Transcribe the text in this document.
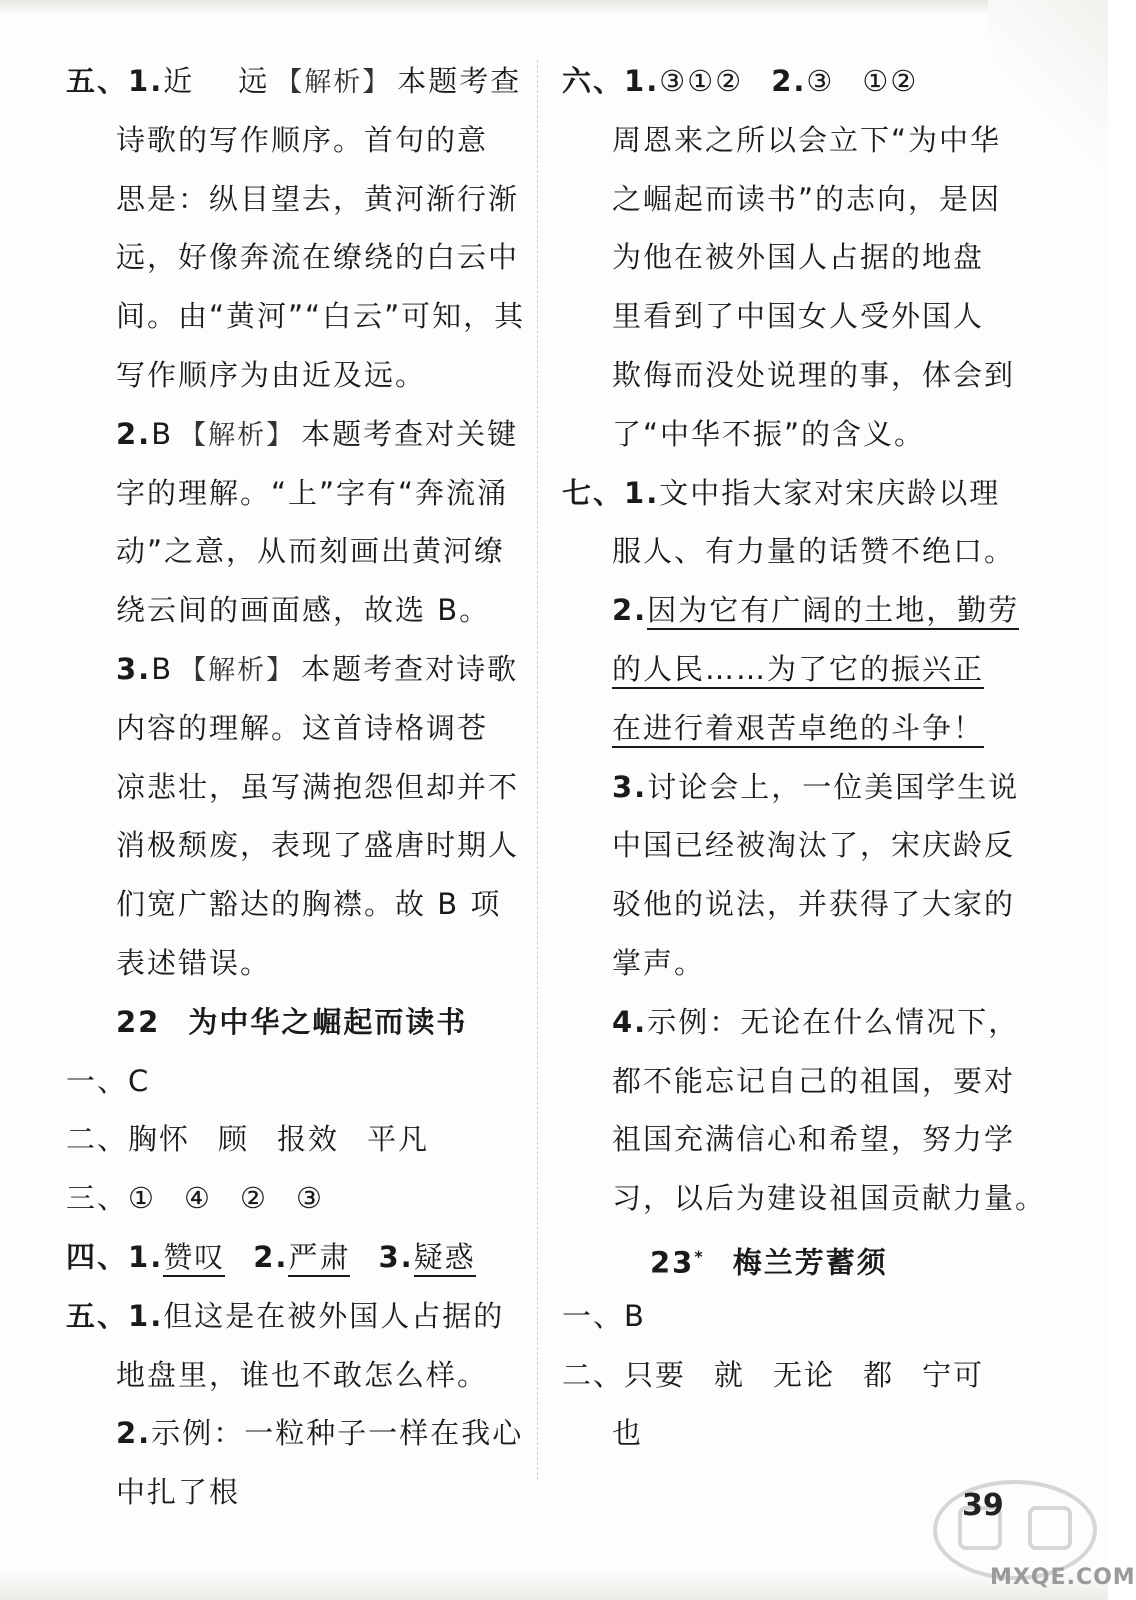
五、1.近 远 【解析】 本题考查
诗歌的写作顺序。首句的意
思是：纵目望去，黄河渐行渐
远，好像奔流在缭绕的白云中
间。由“黄河”“白云”可知，其
写作顺序为由近及远。
2.B 【解析】 本题考查对关键
字的理解。“上”字有“奔流涌
动”之意，从而刻画出黄河缭
绕云间的画面感，故选 B。
3.B 【解析】 本题考查对诗歌
内容的理解。这首诗格调苍
凉悲壮，虽写满抱怨但却并不
消极颓废，表现了盛唐时期人
们宽广豁达的胸襟。故 B 项
表述错误。
22 为中华之崛起而读书
一、C
二、胸怀 顾 报效 平凡
三、① ④ ② ③
四、1.赞叹 2.严肃 3.疑惑
五、1.但这是在被外国人占据的
地盘里，谁也不敢怎么样。
2.示例：一粒种子一样在我心
中扎了根
六、1.③①② 2.③ ①②
周恩来之所以会立下“为中华
之崛起而读书”的志向，是因
为他在被外国人占据的地盘
里看到了中国女人受外国人
欺侮而没处说理的事，体会到
了“中华不振”的含义。
七、1.文中指大家对宋庆龄以理
服人、有力量的话赞不绝口。
2.因为它有广阔的土地，勤劳
的人民……为了它的振兴正
在进行着艰苦卓绝的斗争！
3.讨论会上，一位美国学生说
中国已经被淘汰了，宋庆龄反
驳他的说法，并获得了大家的
掌声。
4.示例：无论在什么情况下，
都不能忘记自己的祖国，要对
祖国充满信心和希望，努力学
习，以后为建设祖国贡献力量。
23* 梅兰芳蓄须
一、B
二、只要 就 无论 都 宁可
也
39
MXQE.COM
